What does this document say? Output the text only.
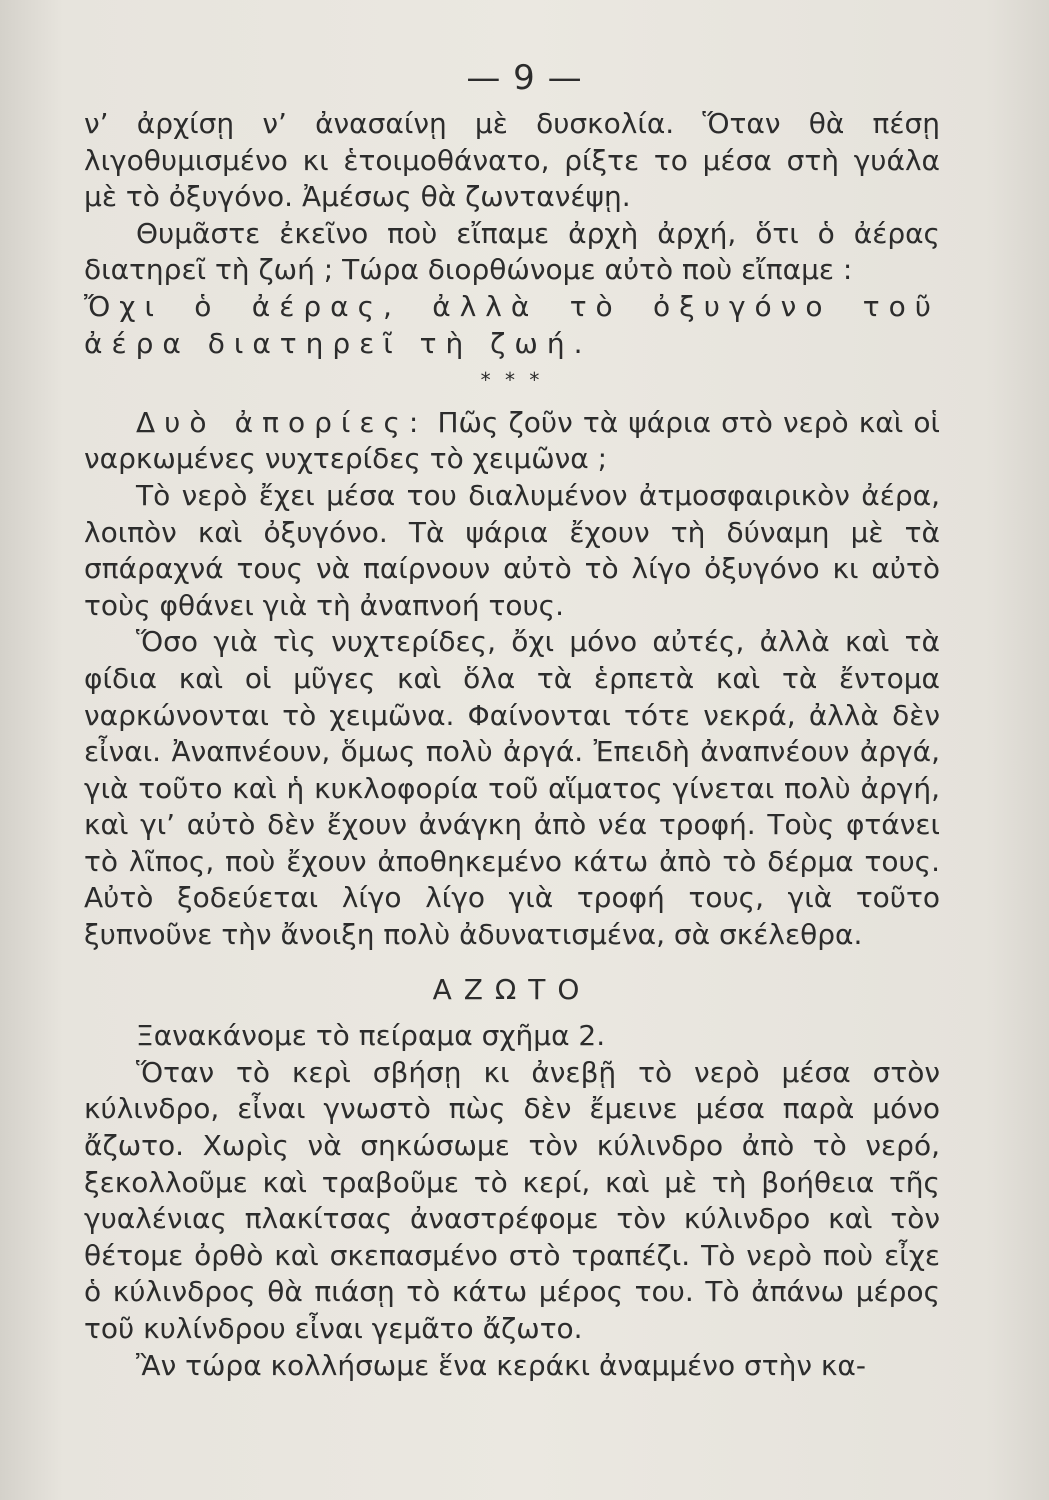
— 9 —

ν’ ἀρχίσῃ ν’ ἀνασαίνῃ μὲ δυσκολία. Ὅταν θὰ πέσῃ λιγοθυμισμένο κι ἑτοιμοθάνατο, ρίξτε το μέσα στὴ γυάλα μὲ τὸ ὀξυγόνο. Ἀμέσως θὰ ζωντανέψῃ.

Θυμᾶστε ἐκεῖνο ποὺ εἴπαμε ἀρχὴ ἀρχή, ὅτι ὁ ἀέρας διατηρεῖ τὴ ζωή ; Τώρα διορθώνομε αὐτὸ ποὺ εἴπαμε :

Ὄχι ὁ ἀέρας, ἀλλὰ τὸ ὀξυγόνο τοῦ ἀέρα διατηρεῖ τὴ ζωή.

* * *

Δυὸ ἀπορίες: Πῶς ζοῦν τὰ ψάρια στὸ νερὸ καὶ οἱ ναρκωμένες νυχτερίδες τὸ χειμῶνα ;

Τὸ νερὸ ἔχει μέσα του διαλυμένον ἀτμοσφαιρικὸν ἀέρα, λοιπὸν καὶ ὀξυγόνο. Τὰ ψάρια ἔχουν τὴ δύναμη μὲ τὰ σπάραχνά τους νὰ παίρνουν αὐτὸ τὸ λίγο ὀξυγόνο κι αὐτὸ τοὺς φθάνει γιὰ τὴ ἀναπνοή τους.

Ὅσο γιὰ τὶς νυχτερίδες, ὄχι μόνο αὐτές, ἀλλὰ καὶ τὰ φίδια καὶ οἱ μῦγες καὶ ὅλα τὰ ἑρπετὰ καὶ τὰ ἔντομα ναρκώνονται τὸ χειμῶνα. Φαίνονται τότε νεκρά, ἀλλὰ δὲν εἶναι. Ἀναπνέουν, ὅμως πολὺ ἀργά. Ἐπειδὴ ἀναπνέουν ἀργά, γιὰ τοῦτο καὶ ἡ κυκλοφορία τοῦ αἵματος γίνεται πολὺ ἀργή, καὶ γι’ αὐτὸ δὲν ἔχουν ἀνάγκη ἀπὸ νέα τροφή. Τοὺς φτάνει τὸ λῖπος, ποὺ ἔχουν ἀποθηκεμένο κάτω ἀπὸ τὸ δέρμα τους. Αὐτὸ ξοδεύεται λίγο λίγο γιὰ τροφή τους, γιὰ τοῦτο ξυπνοῦνε τὴν ἄνοιξη πολὺ ἀδυνατισμένα, σὰ σκέλεθρα.

ΑΖΩΤΟ

Ξανακάνομε τὸ πείραμα σχῆμα 2.

Ὅταν τὸ κερὶ σβήσῃ κι ἀνεβῇ τὸ νερὸ μέσα στὸν κύλινδρο, εἶναι γνωστὸ πὼς δὲν ἔμεινε μέσα παρὰ μόνο ἄζωτο. Χωρὶς νὰ σηκώσωμε τὸν κύλινδρο ἀπὸ τὸ νερό, ξεκολλοῦμε καὶ τραβοῦμε τὸ κερί, καὶ μὲ τὴ βοήθεια τῆς γυαλένιας πλακίτσας ἀναστρέφομε τὸν κύλινδρο καὶ τὸν θέτομε ὀρθὸ καὶ σκεπασμένο στὸ τραπέζι. Τὸ νερὸ ποὺ εἶχε ὁ κύλινδρος θὰ πιάσῃ τὸ κάτω μέρος του. Τὸ ἀπάνω μέρος τοῦ κυλίνδρου εἶναι γεμᾶτο ἄζωτο.

Ἂν τώρα κολλήσωμε ἕνα κεράκι ἀναμμένο στὴν κα-
